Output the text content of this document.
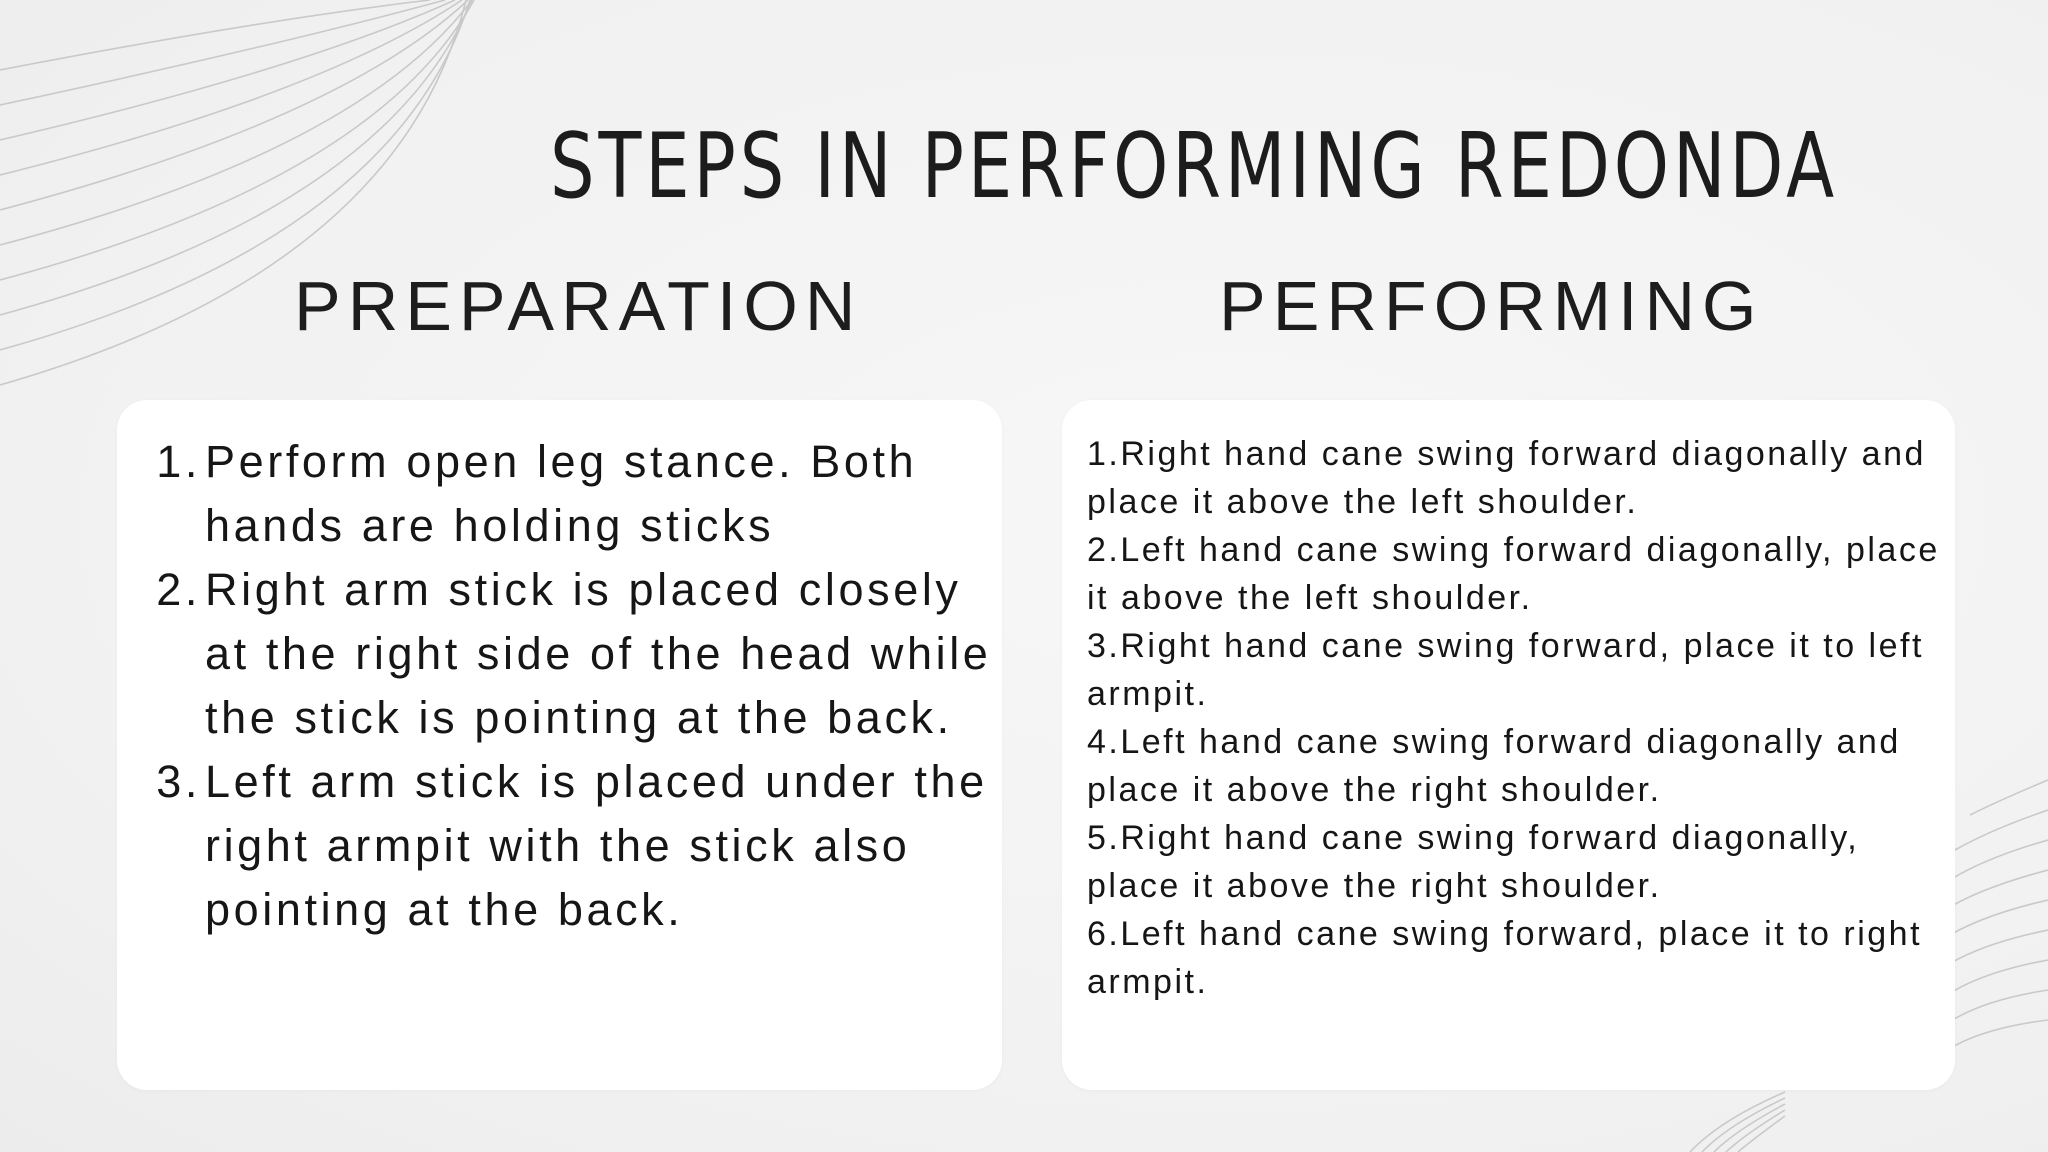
STEPS IN PERFORMING REDONDA
PREPARATION	PERFORMING
1. Perform open leg stance. Both hands are holding sticks
2. Right arm stick is placed closely at the right side of the head while the stick is pointing at the back.
3. Left arm stick is placed under the right armpit with the stick also pointing at the back.
1.Right hand cane swing forward diagonally and place it above the left shoulder.
2.Left hand cane swing forward diagonally, place it above the left shoulder.
3.Right hand cane swing forward, place it to left armpit.
4.Left hand cane swing forward diagonally and place it above the right shoulder.
5.Right hand cane swing forward diagonally, place it above the right shoulder.
6.Left hand cane swing forward, place it to right armpit.
